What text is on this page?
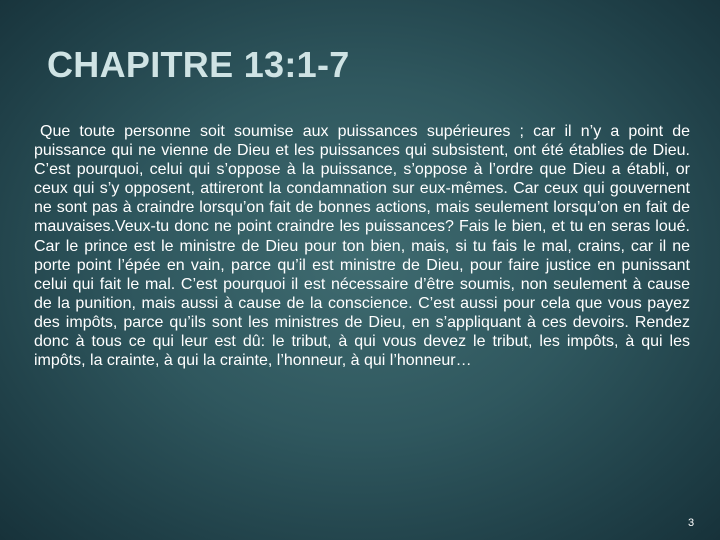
CHAPITRE 13:1-7

Que toute personne soit soumise aux puissances supérieures ; car il n’y a point de puissance qui ne vienne de Dieu et les puissances qui subsistent, ont été établies de Dieu. C’est pourquoi, celui qui s’oppose à la puissance, s’oppose à l’ordre que Dieu a établi, or ceux qui s’y opposent, attireront la condamnation sur eux-mêmes. Car ceux qui gouvernent ne sont pas à craindre lorsqu’on fait de bonnes actions, mais seulement lorsqu’on en fait de mauvaises.Veux-tu donc ne point craindre les puissances? Fais le bien, et tu en seras loué. Car le prince est le ministre de Dieu pour ton bien, mais, si tu fais le mal, crains, car il ne porte point l’épée en vain, parce qu’il est ministre de Dieu, pour faire justice en punissant celui qui fait le mal. C’est pourquoi il est nécessaire d’être soumis, non seulement à cause de la punition, mais aussi à cause de la conscience. C’est aussi pour cela que vous payez des impôts, parce qu’ils sont les ministres de Dieu, en s’appliquant à ces devoirs. Rendez donc à tous ce qui leur est dû: le tribut, à qui vous devez le tribut, les impôts, à qui les impôts, la crainte, à qui la crainte, l’honneur, à qui l’honneur…

3
